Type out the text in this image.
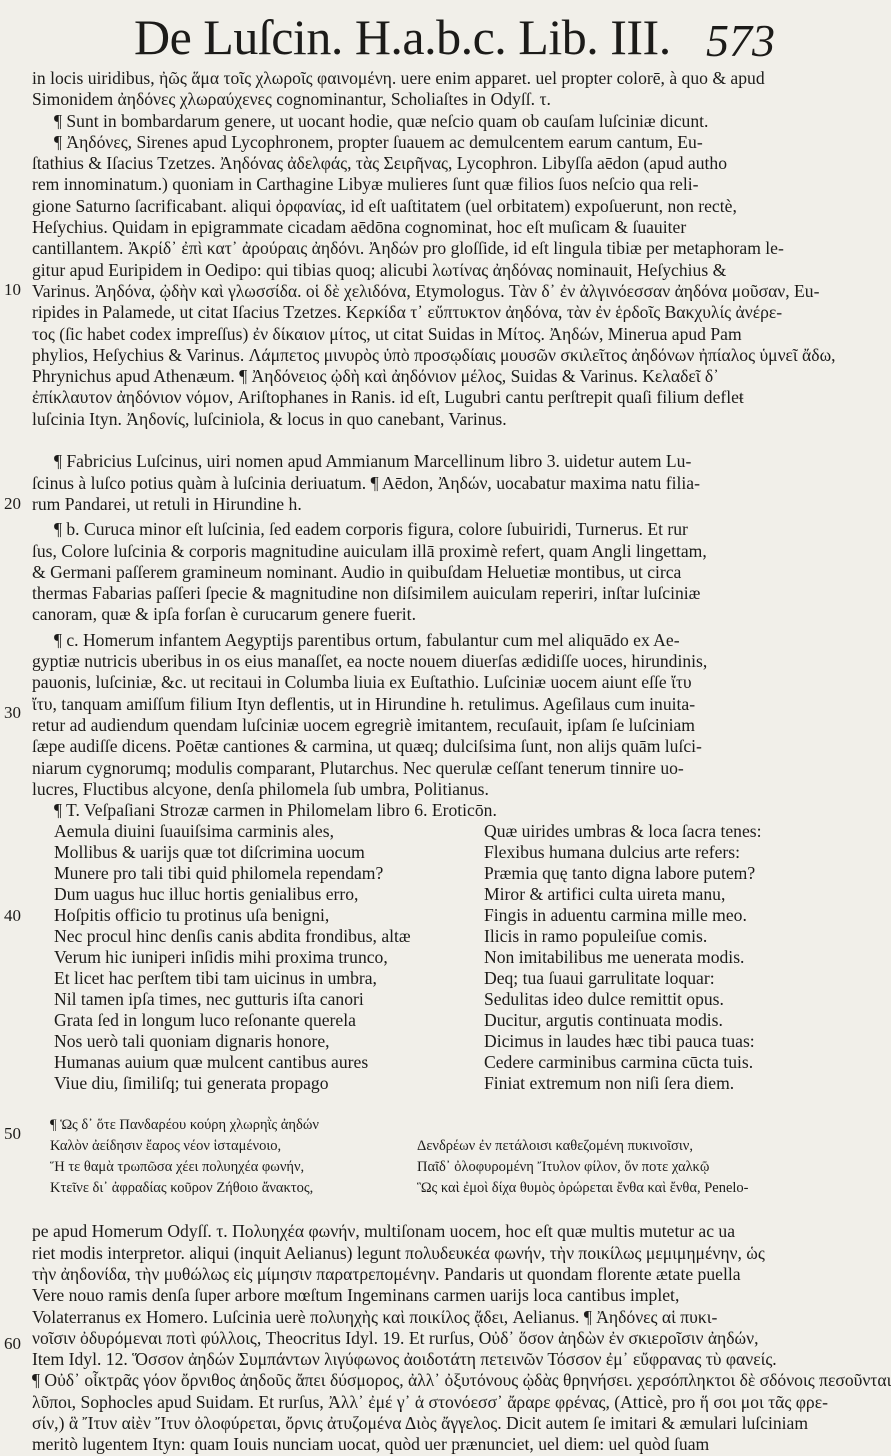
De Luſcin. H.a.b.c. Lib. III. 573
10
20
30
40
50
60
in locis uiridibus, ἠῶς ἅμα τοῖς χλωροῖς φαινομένη. uere enim apparet. uel propter colorē, à quo & apud
Simonidem ἀηδόνες χλωραύχενες cognominantur, Scholiaſtes in Odyſſ. τ.
¶ Sunt in bombardarum genere, ut uocant hodie, quæ neſcio quam ob cauſam luſciniæ dicunt.
¶ Ἀηδόνες, Sirenes apud Lycophronem, propter ſuauem ac demulcentem earum cantum, Eu-
ſtathius & Iſacius Tzetzes. Ἀηδόνας ἀδελφάς, τὰς Σειρῆνας, Lycophron. Libyſſa aēdon (apud autho
rem innominatum.) quoniam in Carthagine Libyæ mulieres ſunt quæ filios ſuos neſcio qua reli-
gione Saturno ſacrificabant. aliqui ὀρφανίας, id eſt uaſtitatem (uel orbitatem) expoſuerunt, non rectè,
Heſychius. Quidam in epigrammate cicadam aēdōna cognominat, hoc eſt muſicam & ſuauiter
cantillantem. Ἀκρίδ᾽ ἐπὶ κατ᾽ ἀρούραις ἀηδόνι. Ἀηδών pro gloſſide, id eſt lingula tibiæ per metaphoram le-
gitur apud Euripidem in Oedipo: qui tibias quoq; alicubi λωτίνας ἀηδόνας nominauit, Heſychius &
Varinus. Ἀηδόνα, ᾠδὴν καὶ γλωσσίδα. οἱ δὲ χελιδόνα, Etymologus. Τὰν δ᾽ ἐν ἀλγινόεσσαν ἀηδόνα μοῦσαν, Eu-
ripides in Palamede, ut citat Iſacius Tzetzes. Κερκίδα τ᾽ εὔπτυκτον ἀηδόνα, τὰν ἐν ἑρδοῖς Βακχυλίς ἀνέρε-
τος (ſic habet codex impreſſus) ἐν δίκαιον μίτος, ut citat Suidas in Μίτος. Ἀηδών, Minerua apud Pam
phylios, Heſychius & Varinus. Λάμπετος μινυρὸς ὑπὸ προσῳδίαις μουσῶν σκιλεῖτος ἀηδόνων ἠπίαλος ὑμνεῖ ἄδω,
Phrynichus apud Athenæum. ¶ Ἀηδόνειος ᾠδὴ καὶ ἀηδόνιον μέλος, Suidas & Varinus. Κελαδεῖ δ᾽
ἐπίκλαυτον ἀηδόνιον νόμον, Ariſtophanes in Ranis. id eſt, Lugubri cantu perſtrepit quaſi filium defleŧ
luſcinia Ityn. Ἀηδονίς, luſciniola, & locus in quo canebant, Varinus.
¶ Fabricius Luſcinus, uiri nomen apud Ammianum Marcellinum libro 3. uidetur autem Lu-
ſcinus à luſco potius quàm à luſcinia deriuatum. ¶ Aēdon, Ἀηδών, uocabatur maxima natu filia-
rum Pandarei, ut retuli in Hirundine h.
¶ b. Curuca minor eſt luſcinia, ſed eadem corporis figura, colore ſubuiridi, Turnerus. Et rur
ſus, Colore luſcinia & corporis magnitudine auiculam illā proximè refert, quam Angli lingettam,
& Germani paſſerem gramineum nominant. Audio in quibuſdam Heluetiæ montibus, ut circa
thermas Fabarias paſſeri ſpecie & magnitudine non diſsimilem auiculam reperiri, inſtar luſciniæ
canoram, quæ & ipſa forſan è curucarum genere fuerit.
¶ c. Homerum infantem Aegyptijs parentibus ortum, fabulantur cum mel aliquādo ex Ae-
gyptiæ nutricis uberibus in os eius manaſſet, ea nocte nouem diuerſas ædidiſſe uoces, hirundinis,
pauonis, luſciniæ, &c. ut recitaui in Columba liuia ex Euſtathio. Luſciniæ uocem aiunt eſſe ἴτυ
ἴτυ, tanquam amiſſum filium Ityn deflentis, ut in Hirundine h. retulimus. Ageſilaus cum inuita-
retur ad audiendum quendam luſciniæ uocem egregriè imitantem, recuſauit, ipſam ſe luſciniam
ſæpe audiſſe dicens. Poētæ cantiones & carmina, ut quæq; dulciſsima ſunt, non alijs quām luſci-
niarum cygnorumq; modulis comparant, Plutarchus. Nec querulæ ceſſant tenerum tinnire uo-
lucres, Fluctibus alcyone, denſa philomela ſub umbra, Politianus.
¶ T. Veſpaſiani Strozæ carmen in Philomelam libro 6. Eroticōn.
Aemula diuini ſuauiſsima carminis ales,
Mollibus & uarijs quæ tot diſcrimina uocum
Munere pro tali tibi quid philomela rependam?
Dum uagus huc illuc hortis genialibus erro,
Hoſpitis officio tu protinus uſa benigni,
Nec procul hinc denſis canis abdita frondibus, altæ
Verum hic iuniperi inſidis mihi proxima trunco,
Et licet hac perſtem tibi tam uicinus in umbra,
Nil tamen ipſa times, nec gutturis iſta canori
Grata ſed in longum luco reſonante querela
Nos uerò tali quoniam dignaris honore,
Humanas auium quæ mulcent cantibus aures
Viue diu, ſimiliſq; tui generata propago
Quæ uirides umbras & loca ſacra tenes:
Flexibus humana dulcius arte refers:
Præmia quę tanto digna labore putem?
Miror & artifici culta uireta manu,
Fingis in aduentu carmina mille meo.
Ilicis in ramo populeiſue comis.
Non imitabilibus me uenerata modis.
Deq; tua ſuaui garrulitate loquar:
Sedulitas ideo dulce remittit opus.
Ducitur, argutis continuata modis.
Dicimus in laudes hæc tibi pauca tuas:
Cedere carminibus carmina cūcta tuis.
Finiat extremum non niſi ſera diem.
¶ Ὡς δ᾽ ὅτε Πανδαρέου κούρη χλωρηῒς ἀηδών
Καλὸν ἀείδησιν ἔαρος νέον ἱσταμένοιο,
Ἥ τε θαμὰ τρωπῶσα χέει πολυηχέα φωνήν,
Κτεῖνε δι᾽ ἀφραδίας κοῦρον Ζήθοιο ἄνακτος,
Δενδρέων ἐν πετάλοισι καθεζομένη πυκινοῖσιν,
Παῖδ᾽ ὀλοφυρομένη Ἴτυλον φίλον, ὅν ποτε χαλκῷ
Ὣς καὶ ἐμοὶ δίχα θυμὸς ὀρώρεται ἔνθα καὶ ἔνθα, Penelo-
pe apud Homerum Odyſſ. τ. Πολυηχέα φωνήν, multiſonam uocem, hoc eſt quæ multis mutetur ac ua
riet modis interpretor. aliqui (inquit Aelianus) legunt πολυδευκέα φωνήν, τὴν ποικίλως μεμιμημένην, ὡς
τὴν ἀηδονίδα, τὴν μυθώλως εἰς μίμησιν παρατρεπομένην. Pandaris ut quondam florente ætate puella
Vere nouo ramis denſa ſuper arbore mœſtum Ingeminans carmen uarijs loca cantibus implet,
Volaterranus ex Homero. Luſcinia uerè πολυηχὴς καὶ ποικίλος ᾄδει, Aelianus. ¶ Ἀηδόνες αἱ πυκι-
νοῖσιν ὀδυρόμεναι ποτὶ φύλλοις, Theocritus Idyl. 19. Et rurſus, Οὐδ᾽ ὅσον ἀηδὼν ἐν σκιεροῖσιν ἀηδών,
Item Idyl. 12. Ὅσσον ἀηδών Συμπάντων λιγύφωνος ἀοιδοτάτη πετεινῶν Τόσσον ἐμ᾽ εὔφρανας τὺ φανείς.
¶ Οὐδ᾽ οἷκτρᾶς γόον ὄρνιθος ἀηδοῦς ἄπει δύσμορος, ἀλλ᾽ ὀξυτόνους ᾠδὰς θρηνήσει. χερσόπληκτοι δὲ σδόνοις πεσοῦνται
λῦποι, Sophocles apud Suidam. Et rurſus, Ἀλλ᾽ ἐμέ γ᾽ ἁ στονόεσσ᾽ ἄραρε φρένας, (Atticè, pro ἥ σοι μοι τᾶς φρε-
σίν,) ἃ Ἴτυν αἰὲν Ἴτυν ὀλοφύρεται, ὄρνις ἀτυζομένα Διὸς ἄγγελος. Dicit autem ſe imitari & æmulari luſciniam
meritò lugentem Ityn: quam Iouis nunciam uocat, quòd uer prænunciet, uel diem: uel quòd ſuam
